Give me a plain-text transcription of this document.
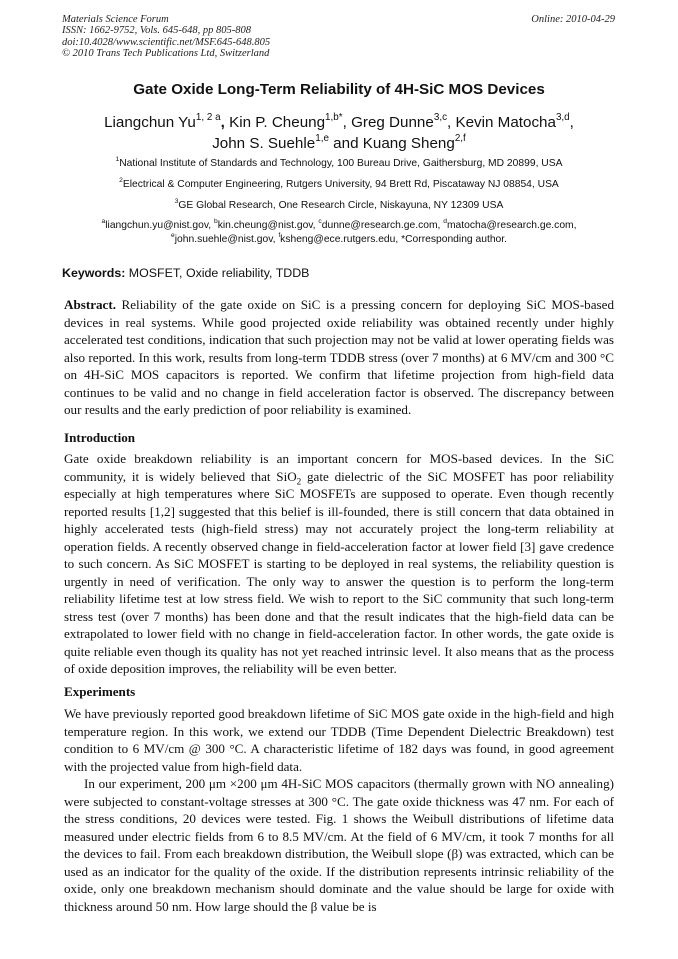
Materials Science Forum
ISSN: 1662-9752, Vols. 645-648, pp 805-808
doi:10.4028/www.scientific.net/MSF.645-648.805
© 2010 Trans Tech Publications Ltd, Switzerland
Online: 2010-04-29
Gate Oxide Long-Term Reliability of 4H-SiC MOS Devices
Liangchun $Yu^{1, 2 a}$, Kin P. Cheung$^{1,b*}$, Greg Dunne$^{3,c}$, Kevin Matocha$^{3,d}$,
John S. Suehle$^{1,e}$ and Kuang Sheng$^{2,f}$
$^1$National Institute of Standards and Technology, 100 Bureau Drive, Gaithersburg, MD 20899, USA
$^2$Electrical & Computer Engineering, Rutgers University, 94 Brett Rd, Piscataway NJ 08854, USA
$^3$GE Global Research, One Research Circle, Niskayuna, NY 12309 USA
$^a$liangchun.yu@nist.gov, $^b$kin.cheung@nist.gov, $^c$dunne@research.ge.com, $^d$matocha@research.ge.com,
$^e$john.suehle@nist.gov, $^f$ksheng@ece.rutgers.edu, *Corresponding author.
Keywords: MOSFET, Oxide reliability, TDDB

Abstract. Reliability of the gate oxide on SiC is a pressing concern for deploying SiC MOS-based devices in real systems. While good projected oxide reliability was obtained recently under highly accelerated test conditions, indication that such projection may not be valid at lower operating fields was also reported. In this work, results from long-term TDDB stress (over 7 months) at 6 MV/cm and 300 °C on 4H-SiC MOS capacitors is reported. We confirm that lifetime projection from high-field data continues to be valid and no change in field acceleration factor is observed. The discrepancy between our results and the early prediction of poor reliability is examined.

Introduction

Gate oxide breakdown reliability is an important concern for MOS-based devices. In the SiC community, it is widely believed that SiO$_2$ gate dielectric of the SiC MOSFET has poor reliability especially at high temperatures where SiC MOSFETs are supposed to operate. Even though recently reported results [1,2] suggested that this belief is ill-founded, there is still concern that data obtained in highly accelerated tests (high-field stress) may not accurately project the long-term reliability at operation fields. A recently observed change in field-acceleration factor at lower field [3] gave credence to such concern. As SiC MOSFET is starting to be deployed in real systems, the reliability question is urgently in need of verification. The only way to answer the question is to perform the long-term reliability lifetime test at low stress field. We wish to report to the SiC community that such long-term stress test (over 7 months) has been done and that the result indicates that the high-field data can be extrapolated to lower field with no change in field-acceleration factor. In other words, the gate oxide is quite reliable even though its quality has not yet reached intrinsic level. It also means that as the process of oxide deposition improves, the reliability will be even better.

Experiments

We have previously reported good breakdown lifetime of SiC MOS gate oxide in the high-field and high temperature region. In this work, we extend our TDDB (Time Dependent Dielectric Breakdown) test condition to 6 MV/cm @ 300 °C. A characteristic lifetime of 182 days was found, in good agreement with the projected value from high-field data.

In our experiment, 200 μm ×200 μm 4H-SiC MOS capacitors (thermally grown with NO annealing) were subjected to constant-voltage stresses at 300 °C. The gate oxide thickness was 47 nm. For each of the stress conditions, 20 devices were tested. Fig. 1 shows the Weibull distributions of lifetime data measured under electric fields from 6 to 8.5 MV/cm. At the field of 6 MV/cm, it took 7 months for all the devices to fail. From each breakdown distribution, the Weibull slope (β) was extracted, which can be used as an indicator for the quality of the oxide. If the distribution represents intrinsic reliability of the oxide, only one breakdown mechanism should dominate and the value should be large for oxide with thickness around 50 nm. How large should the β value be is
